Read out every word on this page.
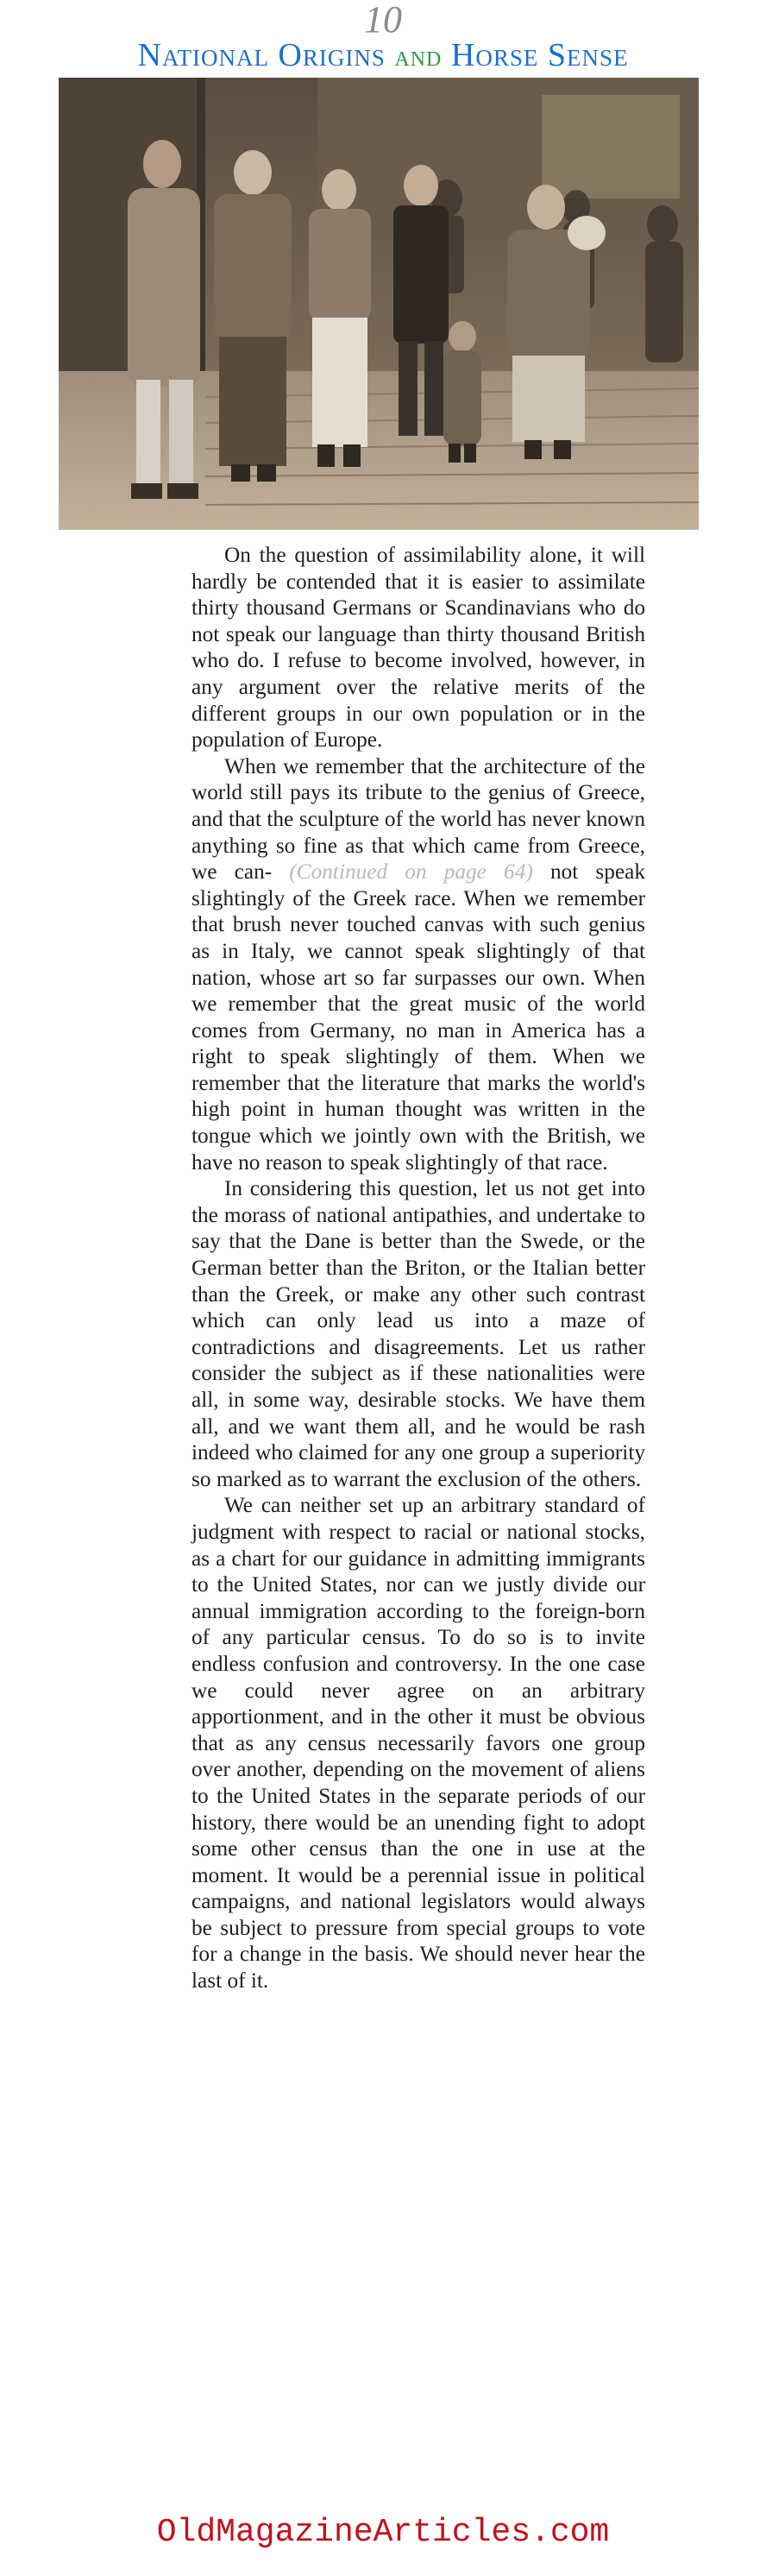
10
National Origins and Horse Sense

On the question of assimilability alone, it will hardly be contended that it is easier to assimilate thirty thousand Germans or Scandinavians who do not speak our language than thirty thousand British who do. I refuse to become involved, however, in any argument over the relative merits of the different groups in our own population or in the population of Europe.

When we remember that the architecture of the world still pays its tribute to the genius of Greece, and that the sculpture of the world has never known anything so fine as that which came from Greece, we can- (Continued on page 64) not speak slightingly of the Greek race. When we remember that brush never touched canvas with such genius as in Italy, we cannot speak slightingly of that nation, whose art so far surpasses our own. When we remember that the great music of the world comes from Germany, no man in America has a right to speak slightingly of them. When we remember that the literature that marks the world's high point in human thought was written in the tongue which we jointly own with the British, we have no reason to speak slightingly of that race.

In considering this question, let us not get into the morass of national antipathies, and undertake to say that the Dane is better than the Swede, or the German better than the Briton, or the Italian better than the Greek, or make any other such contrast which can only lead us into a maze of contradictions and disagreements. Let us rather consider the subject as if these nationalities were all, in some way, desirable stocks. We have them all, and we want them all, and he would be rash indeed who claimed for any one group a superiority so marked as to warrant the exclusion of the others.

We can neither set up an arbitrary standard of judgment with respect to racial or national stocks, as a chart for our guidance in admitting immigrants to the United States, nor can we justly divide our annual immigration according to the foreign-born of any particular census. To do so is to invite endless confusion and controversy. In the one case we could never agree on an arbitrary apportionment, and in the other it must be obvious that as any census necessarily favors one group over another, depending on the movement of aliens to the United States in the separate periods of our history, there would be an unending fight to adopt some other census than the one in use at the moment. It would be a perennial issue in political campaigns, and national legislators would always be subject to pressure from special groups to vote for a change in the basis. We should never hear the last of it.

OldMagazineArticles.com
